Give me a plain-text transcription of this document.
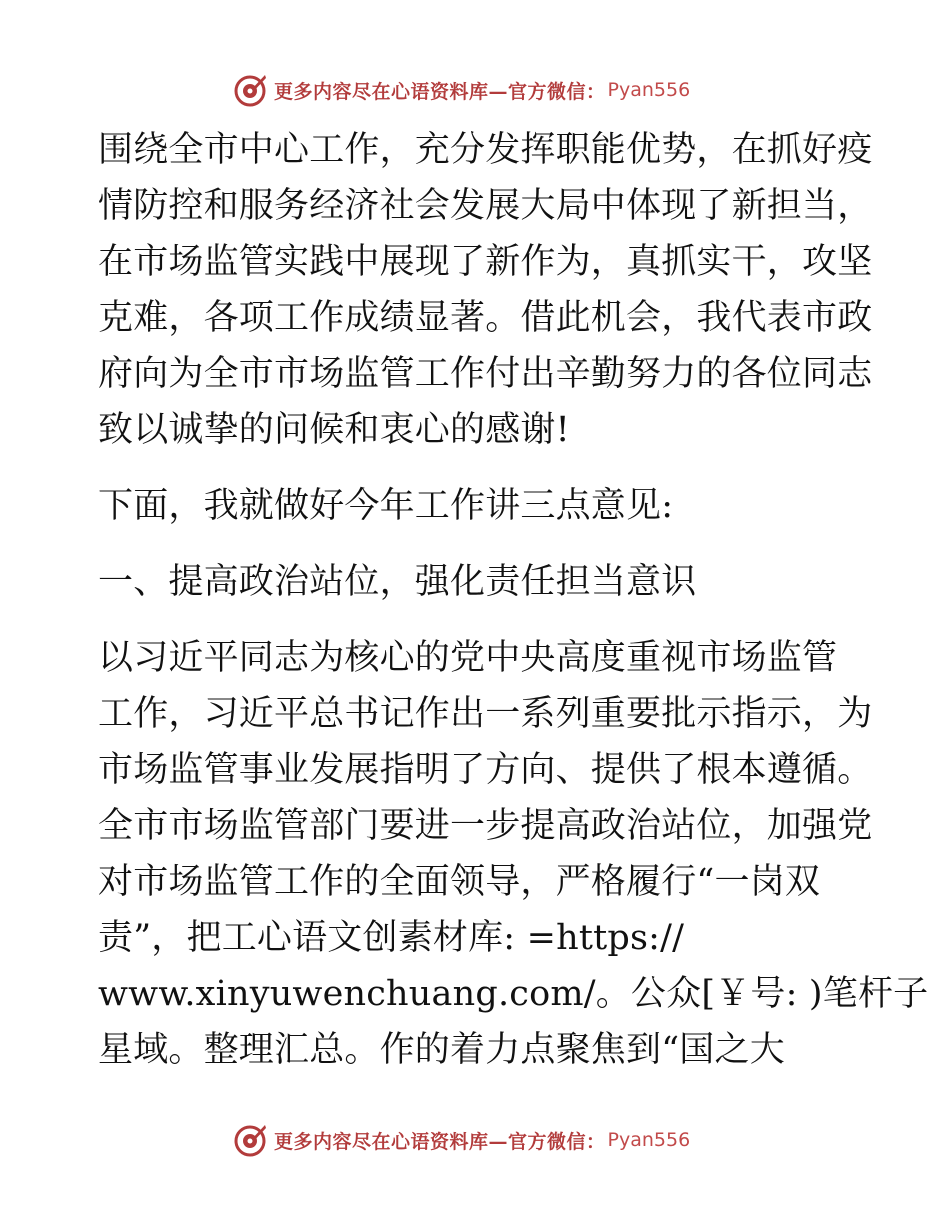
更多内容尽在心语资料库—官方微信： Pyan556
围绕全市中心工作，充分发挥职能优势，在抓好疫
情防控和服务经济社会发展大局中体现了新担当，
在市场监管实践中展现了新作为，真抓实干，攻坚
克难，各项工作成绩显著。借此机会，我代表市政
府向为全市市场监管工作付出辛勤努力的各位同志
致以诚挚的问候和衷心的感谢!
下面，我就做好今年工作讲三点意见:
一、提高政治站位，强化责任担当意识
以习近平同志为核心的党中央高度重视市场监管
工作，习近平总书记作出一系列重要批示指示，为
市场监管事业发展指明了方向、提供了根本遵循。
全市市场监管部门要进一步提高政治站位，加强党
对市场监管工作的全面领导，严格履行“一岗双
责”，把工心语文创素材库: =https://
www.xinyuwenchuang.com/。公众[￥号: )笔杆子
星域。整理汇总。作的着力点聚焦到“国之大
更多内容尽在心语资料库—官方微信： Pyan556
